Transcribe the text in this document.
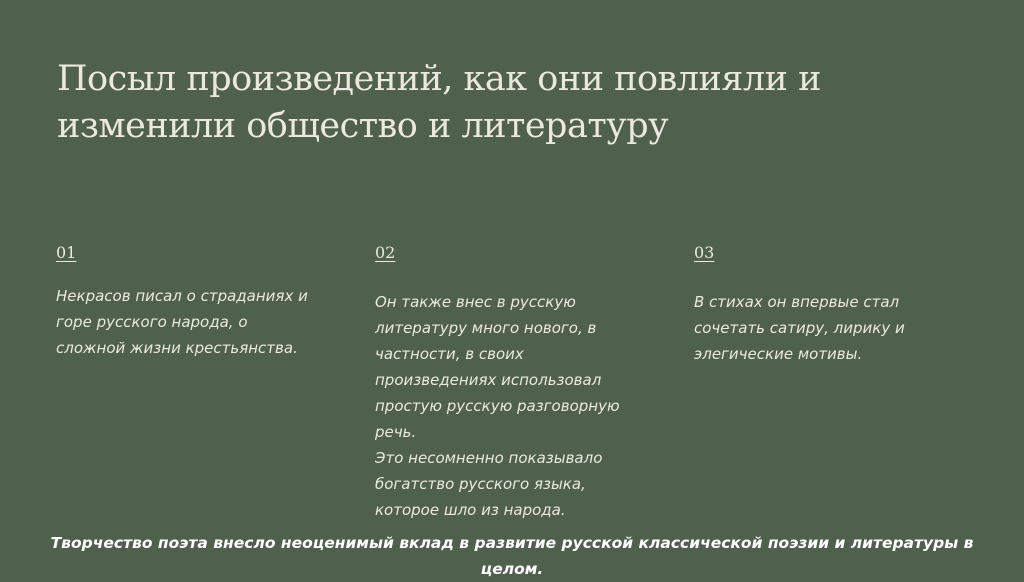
Посыл произведений, как они повлияли и
изменили общество и литературу
01
Некрасов писал о страданиях и
горе русского народа, о
сложной жизни крестьянства.
02
Он также внес в русскую
литературу много нового, в
частности, в своих
произведениях использовал
простую русскую разговорную
речь.
Это несомненно показывало
богатство русского языка,
которое шло из народа.
03
В стихах он впервые стал
сочетать сатиру, лирику и
элегические мотивы.
Творчество поэта внесло неоценимый вклад в развитие русской классической поэзии и литературы в
целом.
